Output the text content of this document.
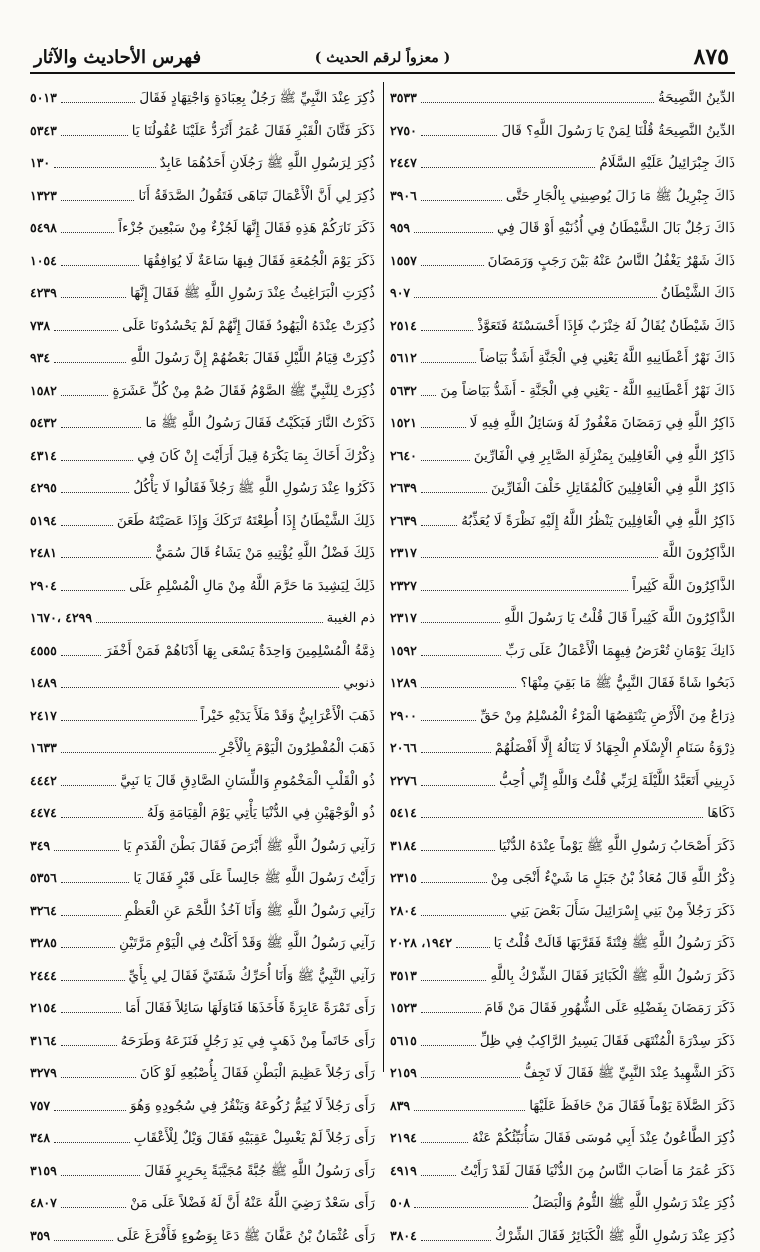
٨٧٥
( معزواً لرقم الحديث )
فهرس الأحاديث والآثار
الدِّينُ النَّصِيحَةُ
٣٥٣٣
الدِّينُ النَّصِيحَةُ قُلْنَا لِمَنْ يَا رَسُولَ اللَّهِ؟ قَالَ
٢٧٥٠
ذَاكَ جِبْرَائِيلُ عَلَيْهِ السَّلَامُ
٢٤٤٧
ذَاكَ جِبْرِيلُ ﷺ مَا زَالَ يُوصِينِي بِالْجَارِ حَتَّى
٣٩٠٦
ذَاكَ رَجُلٌ بَالَ الشَّيْطَانُ فِي أُذُنَيْهِ أَوْ قَالَ فِي
٩٥٩
ذَاكَ شَهْرٌ يَغْفُلُ النَّاسُ عَنْهُ بَيْنَ رَجَبٍ وَرَمَضَانَ
١٥٥٧
ذَاكَ الشَّيْطَانُ
٩٠٧
ذَاكَ شَيْطَانٌ يُقَالُ لَهُ خِنْزَبٌ فَإِذَا أَحْسَسْتَهُ فَتَعَوَّذْ
٢٥١٤
ذَاكَ نَهْرٌ أَعْطَانِيهِ اللَّهُ يَعْنِي فِي الْجَنَّةِ أَشَدُّ بَيَاضاً
٥٦١٢
ذَاكَ نَهْرٌ أَعْطَانِيهِ اللَّهُ - يَعْنِي فِي الْجَنَّةِ - أَشَدُّ بَيَاضاً مِنَ
٥٦٣٢
ذَاكِرُ اللَّهِ فِي رَمَضَانَ مَغْفُورٌ لَهُ وَسَائِلُ اللَّهِ فِيهِ لَا
١٥٢١
ذَاكِرُ اللَّهِ فِي الْغَافِلِينَ بِمَنْزِلَةِ الصَّابِرِ فِي الْفَارِّينَ
٢٦٤٠
ذَاكِرُ اللَّهِ فِي الْغَافِلِينَ كَالْمُقَاتِلِ خَلْفَ الْفَارِّينَ
٢٦٣٩
ذَاكِرُ اللَّهِ فِي الْغَافِلِينَ يَنْظُرُ اللَّهُ إِلَيْهِ نَظْرَةً لَا يُعَذِّبُهُ
٢٦٣٩
الذَّاكِرُونَ اللَّهَ
٢٣١٧
الذَّاكِرُونَ اللَّهَ كَثِيراً
٢٣٢٧
الذَّاكِرُونَ اللَّهَ كَثِيراً قَالَ قُلْتُ يَا رَسُولَ اللَّهِ
٢٣١٧
ذَانِكَ يَوْمَانِ تُعْرَضُ فِيهِمَا الْأَعْمَالُ عَلَى رَبِّ
١٥٩٢
ذَبَحُوا شَاةً فَقَالَ النَّبِيُّ ﷺ مَا بَقِيَ مِنْهَا؟
١٢٨٩
ذِرَاعٌ مِنَ الْأَرْضِ يَنْتَقِصُهَا الْمَرْءُ الْمُسْلِمُ مِنْ حَقِّ
٢٩٠٠
ذِرْوَةُ سَنَامِ الْإِسْلَامِ الْجِهَادُ لَا يَنَالُهُ إِلَّا أَفْضَلُهُمْ
٢٠٦٦
ذَرِينِي أَتَعَبَّدُ اللَّيْلَةَ لِرَبِّي قُلْتُ وَاللَّهِ إِنِّي أُحِبُّ
٢٢٧٦
ذَكَاهَا
٥٤١٤
ذَكَرَ أَصْحَابُ رَسُولِ اللَّهِ ﷺ يَوْماً عِنْدَهُ الدُّنْيَا
٣١٨٤
ذِكْرُ اللَّهِ قَالَ مُعَاذُ بْنُ جَبَلٍ مَا شَيْءٌ أَنْجَى مِنْ
٢٣١٥
ذَكَرَ رَجُلاً مِنْ بَنِي إِسْرَائِيلَ سَأَلَ بَعْضَ بَنِي
٢٨٠٤
ذَكَرَ رَسُولُ اللَّهِ ﷺ فِتْنَةً فَقَرَّبَهَا قَالَتْ قُلْتُ يَا
١٩٤٢، ٢٠٢٨
ذَكَرَ رَسُولُ اللَّهِ ﷺ الْكَبَائِرَ فَقَالَ الشِّرْكُ بِاللَّهِ
٣٥١٣
ذَكَرَ رَمَضَانَ بِفَضْلِهِ عَلَى الشُّهُورِ فَقَالَ مَنْ قَامَ
١٥٢٣
ذَكَرَ سِدْرَةَ الْمُنْتَهَى فَقَالَ يَسِيرُ الرَّاكِبُ فِي ظِلِّ
٥٦١٥
ذَكَرَ الشَّهِيدُ عِنْدَ النَّبِيِّ ﷺ فَقَالَ لَا تَجِفُّ
٢١٥٩
ذَكَرَ الصَّلَاةَ يَوْماً فَقَالَ مَنْ حَافَظَ عَلَيْهَا
٨٣٩
ذُكِرَ الطَّاعُونُ عِنْدَ أَبِي مُوسَى فَقَالَ سَأُنَبِّئُكُمْ عَنْهُ
٢١٩٤
ذَكَرَ عُمَرُ مَا أَصَابَ النَّاسُ مِنَ الدُّنْيَا فَقَالَ لَقَدْ رَأَيْتُ
٤٩١٩
ذُكِرَ عِنْدَ رَسُولِ اللَّهِ ﷺ الثُّومُ وَالْبَصَلُ
٥٠٨
ذُكِرَ عِنْدَ رَسُولِ اللَّهِ ﷺ الْكَبَائِرُ فَقَالَ الشِّرْكُ
٣٨٠٤
ذُكِرَ عِنْدَ النَّبِيِّ ﷺ رَجُلٌ بِعِبَادَةٍ وَاجْتِهَادٍ فَقَالَ
٥٠١٣
ذَكَرَ فَتَّانَ الْقَبْرِ فَقَالَ عُمَرُ أَتُرَدُّ عَلَيْنَا عُقُولُنَا يَا
٥٣٤٣
ذُكِرَ لِرَسُولِ اللَّهِ ﷺ رَجُلَانِ أَحَدُهُمَا عَابِدٌ
١٣٠
ذُكِرَ لِي أَنَّ الْأَعْمَالَ تَبَاهَى فَتَقُولُ الصَّدَقَةُ أَنَا
١٣٢٣
ذَكَرَ نَارَكُمْ هَذِهِ فَقَالَ إِنَّهَا لَجُزْءٌ مِنْ سَبْعِينَ جُزْءاً
٥٤٩٨
ذَكَرَ يَوْمَ الْجُمُعَةِ فَقَالَ فِيهَا سَاعَةٌ لَا يُوَافِقُهَا
١٠٥٤
ذُكِرَتِ الْبَرَاغِيثُ عِنْدَ رَسُولِ اللَّهِ ﷺ فَقَالَ إِنَّهَا
٤٢٣٩
ذُكِرَتْ عِنْدَهُ الْيَهُودُ فَقَالَ إِنَّهُمْ لَمْ يَحْسُدُونَا عَلَى
٧٣٨
ذُكِرَتْ قِيَامُ اللَّيْلِ فَقَالَ بَعْضُهُمْ إِنَّ رَسُولَ اللَّهِ
٩٣٤
ذُكِرَتْ لِلنَّبِيِّ ﷺ الصَّوْمُ فَقَالَ صُمْ مِنْ كُلِّ عَشَرَةٍ
١٥٨٢
ذَكَرْتُ النَّارَ فَبَكَيْتُ فَقَالَ رَسُولُ اللَّهِ ﷺ مَا
٥٤٣٢
ذِكْرُكَ أَخَاكَ بِمَا يَكْرَهُ قِيلَ أَرَأَيْتَ إِنْ كَانَ فِي
٤٣١٤
ذَكَرُوا عِنْدَ رَسُولِ اللَّهِ ﷺ رَجُلاً فَقَالُوا لَا يَأْكُلُ
٤٢٩٥
ذَلِكَ الشَّيْطَانُ إِذَا أُطِعْتَهُ تَرَكَكَ وَإِذَا عَصَيْتَهُ طَعَنَ
٥١٩٤
ذَلِكَ فَضْلُ اللَّهِ يُؤْتِيهِ مَنْ يَشَاءُ قَالَ سُمَيٌّ
٢٤٨١
ذَلِكَ لِيَشِيدَ مَا حَرَّمَ اللَّهُ مِنْ مَالِ الْمُسْلِمِ عَلَى
٢٩٠٤
ذم الغيبة
٤٢٩٩ ،١٦٧٠
ذِمَّةُ الْمُسْلِمِينَ وَاحِدَةٌ يَسْعَى بِهَا أَدْنَاهُمْ فَمَنْ أَخْفَرَ
٤٥٥٥
ذنوبي
١٤٨٩
ذَهَبَ الْأَعْرَابِيُّ وَقَدْ مَلَأَ يَدَيْهِ خَيْراً
٢٤١٧
ذَهَبَ الْمُفْطِرُونَ الْيَوْمَ بِالْأَجْرِ
١٦٣٣
ذُو الْقَلْبِ الْمَخْمُومِ وَاللِّسَانِ الصَّادِقِ قَالَ يَا نَبِيَّ
٤٤٤٢
ذُو الْوَجْهَيْنِ فِي الدُّنْيَا يَأْتِي يَوْمَ الْقِيَامَةِ وَلَهُ
٤٤٧٤
رَآنِي رَسُولُ اللَّهِ ﷺ أَبْرَصَ فَقَالَ بَطْنَ الْقَدَمِ يَا
٣٤٩
رَأَيْتُ رَسُولَ اللَّهِ ﷺ جَالِساً عَلَى قَبْرٍ فَقَالَ يَا
٥٣٥٦
رَآنِي رَسُولُ اللَّهِ ﷺ وَأَنَا آخُذُ اللَّحْمَ عَنِ الْعَظْمِ
٣٢٦٤
رَآنِي رَسُولُ اللَّهِ ﷺ وَقَدْ أَكَلْتُ فِي الْيَوْمِ مَرَّتَيْنِ
٣٢٨٥
رَآنِي النَّبِيُّ ﷺ وَأَنَا أُحَرِّكُ شَفَتَيَّ فَقَالَ لِي بِأَيِّ
٢٤٤٤
رَأَى تَمْرَةً عَابِرَةً فَأَخَذَهَا فَنَاوَلَهَا سَائِلاً فَقَالَ أَمَا
٢١٥٤
رَأَى خَاتَماً مِنْ ذَهَبٍ فِي يَدِ رَجُلٍ فَنَزَعَهُ وَطَرَحَهُ
٣١٦٤
رَأَى رَجُلاً عَظِيمَ الْبَطْنِ فَقَالَ بِأُصْبُعِهِ لَوْ كَانَ
٣٢٧٩
رَأَى رَجُلاً لَا يُتِمُّ رُكُوعَهُ وَيَنْقُرُ فِي سُجُودِهِ وَهُوَ
٧٥٧
رَأَى رَجُلاً لَمْ يَغْسِلْ عَقِبَيْهِ فَقَالَ وَيْلٌ لِلْأَعْقَابِ
٣٤٨
رَأَى رَسُولُ اللَّهِ ﷺ جُبَّةً مُجَيَّبَةً بِحَرِيرٍ فَقَالَ
٣١٥٩
رَأَى سَعْدٌ رَضِيَ اللَّهُ عَنْهُ أَنَّ لَهُ فَضْلاً عَلَى مَنْ
٤٨٠٧
رَأَى عُثْمَانُ بْنُ عَفَّانَ ﷺ دَعَا بِوَضُوءٍ فَأَفْرَغَ عَلَى
٣٥٩
